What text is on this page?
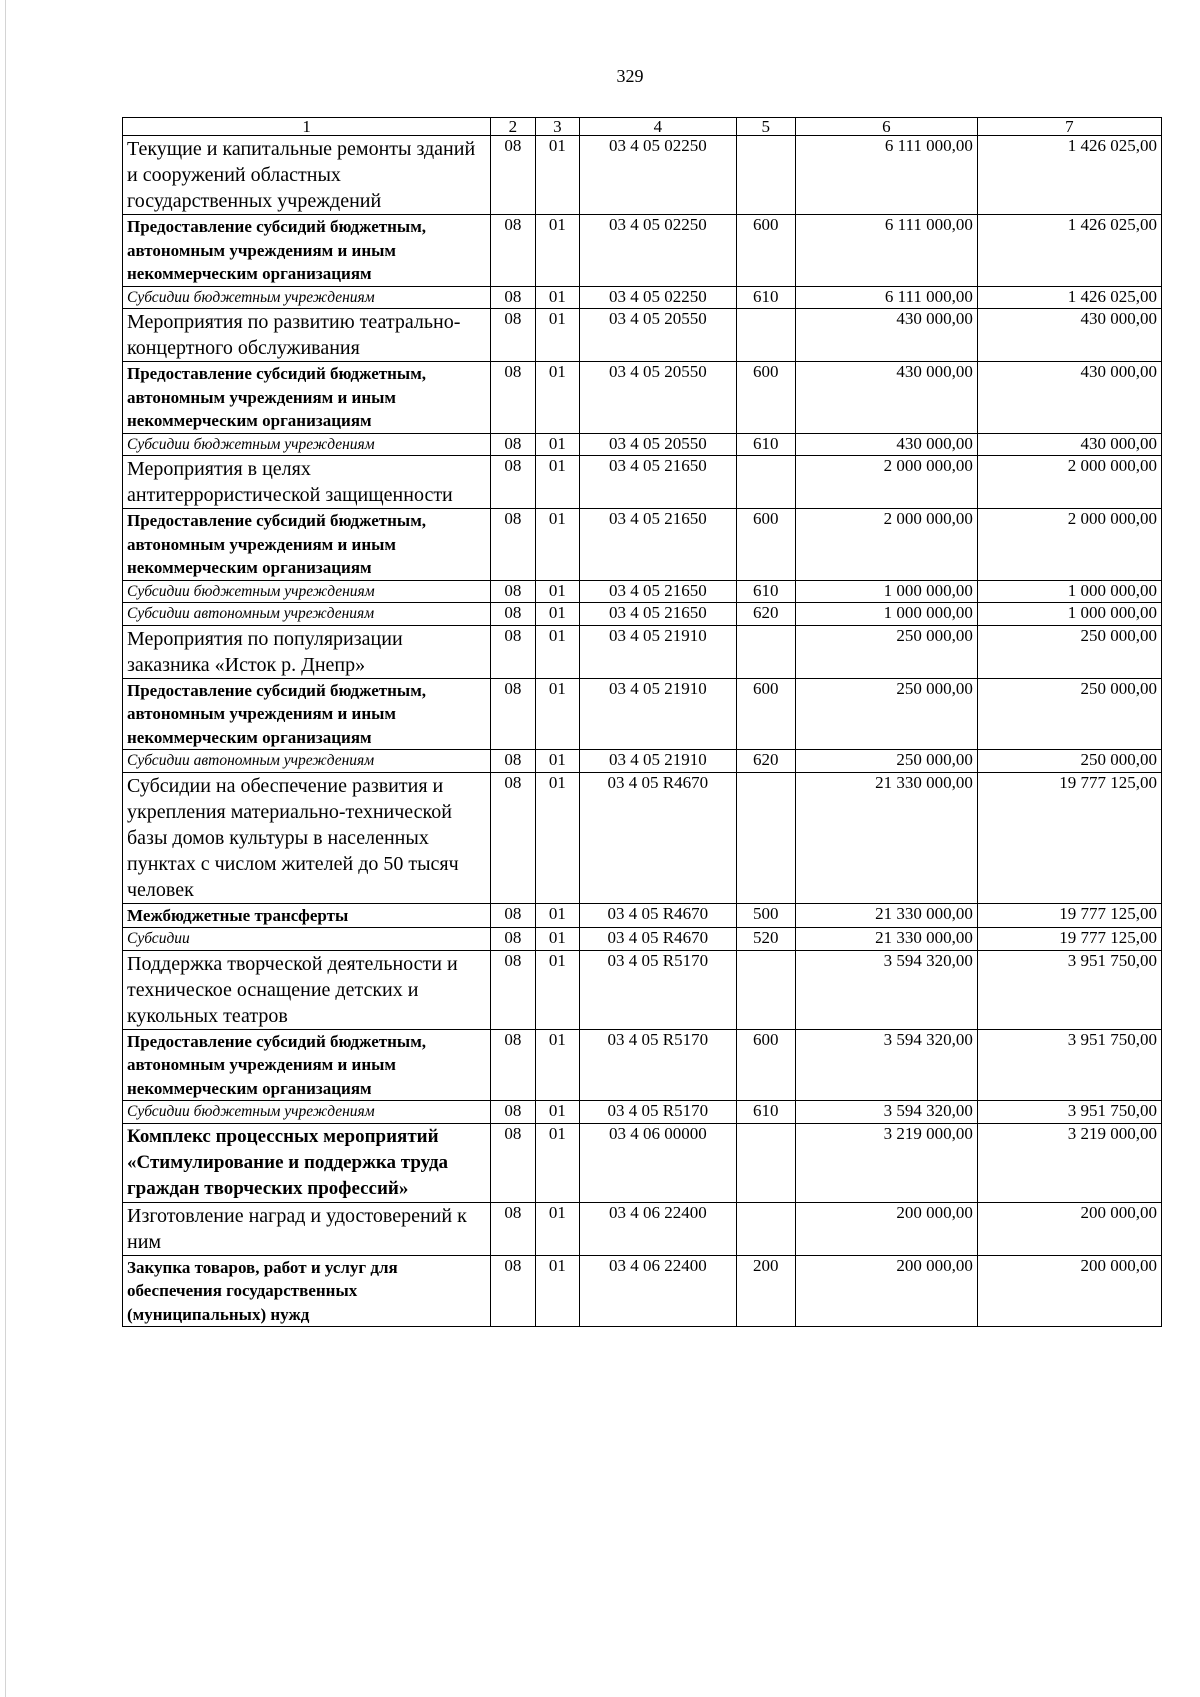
329
1	2	3	4	5	6	7
Текущие и капитальные ремонты зданий и сооружений областных государственных учреждений	08	01	03 4 05 02250		6 111 000,00	1 426 025,00
Предоставление субсидий бюджетным, автономным учреждениям и иным некоммерческим организациям	08	01	03 4 05 02250	600	6 111 000,00	1 426 025,00
Субсидии бюджетным учреждениям	08	01	03 4 05 02250	610	6 111 000,00	1 426 025,00
Мероприятия по развитию театрально-концертного обслуживания	08	01	03 4 05 20550		430 000,00	430 000,00
Предоставление субсидий бюджетным, автономным учреждениям и иным некоммерческим организациям	08	01	03 4 05 20550	600	430 000,00	430 000,00
Субсидии бюджетным учреждениям	08	01	03 4 05 20550	610	430 000,00	430 000,00
Мероприятия в целях антитеррористической защищенности	08	01	03 4 05 21650		2 000 000,00	2 000 000,00
Предоставление субсидий бюджетным, автономным учреждениям и иным некоммерческим организациям	08	01	03 4 05 21650	600	2 000 000,00	2 000 000,00
Субсидии бюджетным учреждениям	08	01	03 4 05 21650	610	1 000 000,00	1 000 000,00
Субсидии автономным учреждениям	08	01	03 4 05 21650	620	1 000 000,00	1 000 000,00
Мероприятия по популяризации заказника «Исток р. Днепр»	08	01	03 4 05 21910		250 000,00	250 000,00
Предоставление субсидий бюджетным, автономным учреждениям и иным некоммерческим организациям	08	01	03 4 05 21910	600	250 000,00	250 000,00
Субсидии автономным учреждениям	08	01	03 4 05 21910	620	250 000,00	250 000,00
Субсидии на обеспечение развития и укрепления материально-технической базы домов культуры в населенных пунктах с числом жителей до 50 тысяч человек	08	01	03 4 05 R4670		21 330 000,00	19 777 125,00
Межбюджетные трансферты	08	01	03 4 05 R4670	500	21 330 000,00	19 777 125,00
Субсидии	08	01	03 4 05 R4670	520	21 330 000,00	19 777 125,00
Поддержка творческой деятельности и техническое оснащение детских и кукольных театров	08	01	03 4 05 R5170		3 594 320,00	3 951 750,00
Предоставление субсидий бюджетным, автономным учреждениям и иным некоммерческим организациям	08	01	03 4 05 R5170	600	3 594 320,00	3 951 750,00
Субсидии бюджетным учреждениям	08	01	03 4 05 R5170	610	3 594 320,00	3 951 750,00
Комплекс процессных мероприятий «Стимулирование и поддержка труда граждан творческих профессий»	08	01	03 4 06 00000		3 219 000,00	3 219 000,00
Изготовление наград и удостоверений к ним	08	01	03 4 06 22400		200 000,00	200 000,00
Закупка товаров, работ и услуг для обеспечения государственных (муниципальных) нужд	08	01	03 4 06 22400	200	200 000,00	200 000,00
